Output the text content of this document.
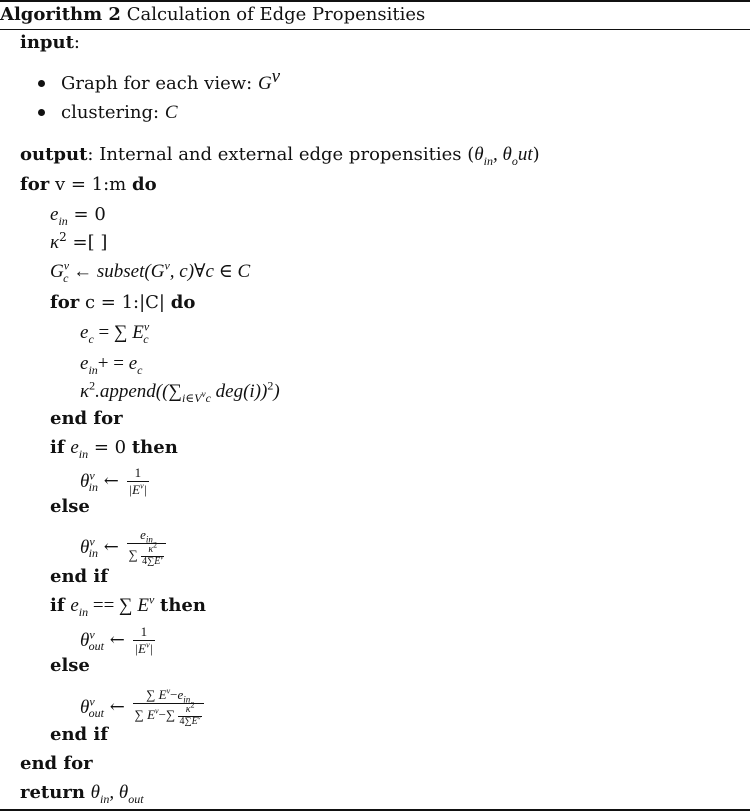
Algorithm 2 Calculation of Edge Propensities
input:
Graph for each view: $G^v$
clustering: C
output: Internal and external edge propensities ($\theta_{in}$, $\theta_out$)
for v = 1:m do
$e_{in} = 0$
$\kappa^2$ =[ ]
$G^v_c$ ← $subset(G^v$, c)∀c ∈ C
for c = 1:|C| do
$e_c$ = ∑ $E^v_c$
$e_{in}+ = e_c$
$\kappa^2.append((\sum_{i\in V^vc}$ deg(i))$^2$)
end for
if $e_{in} = 0$ then
$\theta^v_{in}$ ← $\frac{1}{|E^v|}$
else
$\theta^v_{in}$ ← $\frac{e_{in}}{\sum \frac{\kappa^2}{4\sum E^v}}$
end if
if $e_{in}$ == ∑ $E^v$ then
$\theta^v_{out}$ ← $\frac{1}{|E^v|}$
else
$\theta^v_{out}$ ← $\frac{\sum E^v-e_{in}}{\sum E^v-\sum \frac{\kappa^2}{4\sum E^v}}$
end if
end for
return $\theta_{in}$, $\theta_{out}$
